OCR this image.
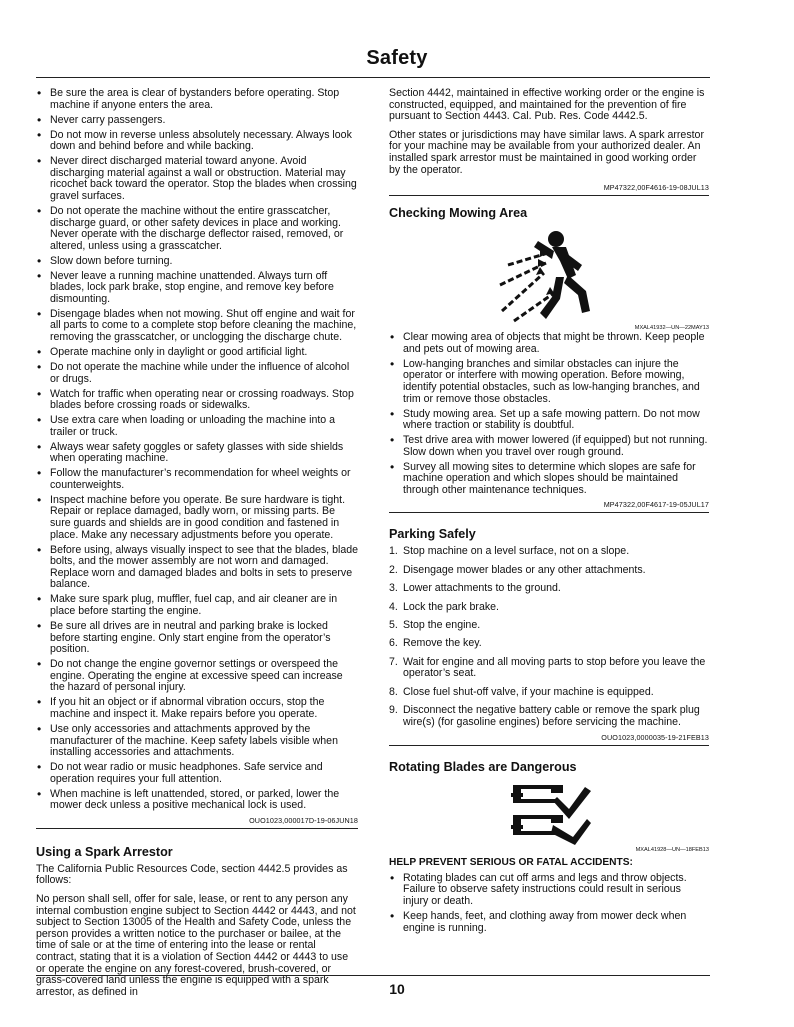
Safety
• Be sure the area is clear of bystanders before operating. Stop machine if anyone enters the area.
• Never carry passengers.
• Do not mow in reverse unless absolutely necessary. Always look down and behind before and while backing.
• Never direct discharged material toward anyone. Avoid discharging material against a wall or obstruction. Material may ricochet back toward the operator. Stop the blades when crossing gravel surfaces.
• Do not operate the machine without the entire grasscatcher, discharge guard, or other safety devices in place and working. Never operate with the discharge deflector raised, removed, or altered, unless using a grasscatcher.
• Slow down before turning.
• Never leave a running machine unattended. Always turn off blades, lock park brake, stop engine, and remove key before dismounting.
• Disengage blades when not mowing. Shut off engine and wait for all parts to come to a complete stop before cleaning the machine, removing the grasscatcher, or unclogging the discharge chute.
• Operate machine only in daylight or good artificial light.
• Do not operate the machine while under the influence of alcohol or drugs.
• Watch for traffic when operating near or crossing roadways. Stop blades before crossing roads or sidewalks.
• Use extra care when loading or unloading the machine into a trailer or truck.
• Always wear safety goggles or safety glasses with side shields when operating machine.
• Follow the manufacturer’s recommendation for wheel weights or counterweights.
• Inspect machine before you operate. Be sure hardware is tight. Repair or replace damaged, badly worn, or missing parts. Be sure guards and shields are in good condition and fastened in place. Make any necessary adjustments before you operate.
• Before using, always visually inspect to see that the blades, blade bolts, and the mower assembly are not worn and damaged. Replace worn and damaged blades and bolts in sets to preserve balance.
• Make sure spark plug, muffler, fuel cap, and air cleaner are in place before starting the engine.
• Be sure all drives are in neutral and parking brake is locked before starting engine. Only start engine from the operator’s position.
• Do not change the engine governor settings or overspeed the engine. Operating the engine at excessive speed can increase the hazard of personal injury.
• If you hit an object or if abnormal vibration occurs, stop the machine and inspect it. Make repairs before you operate.
• Use only accessories and attachments approved by the manufacturer of the machine. Keep safety labels visible when installing accessories and attachments.
• Do not wear radio or music headphones. Safe service and operation requires your full attention.
• When machine is left unattended, stored, or parked, lower the mower deck unless a positive mechanical lock is used.
OUO1023,000017D-19-06JUN18
Using a Spark Arrestor

The California Public Resources Code, section 4442.5 provides as follows:

No person shall sell, offer for sale, lease, or rent to any person any internal combustion engine subject to Section 4442 or 4443, and not subject to Section 13005 of the Health and Safety Code, unless the person provides a written notice to the purchaser or bailee, at the time of sale or at the time of entering into the lease or rental contract, stating that it is a violation of Section 4442 or 4443 to use or operate the engine on any forest-covered, brush-covered, or grass-covered land unless the engine is equipped with a spark arrestor, as defined in

Section 4442, maintained in effective working order or the engine is constructed, equipped, and maintained for the prevention of fire pursuant to Section 4443. Cal. Pub. Res. Code 4442.5.

Other states or jurisdictions may have similar laws. A spark arrestor for your machine may be available from your authorized dealer. An installed spark arrestor must be maintained in good working order by the operator.

MP47322,00F4616-19-08JUL13
Checking Mowing Area
MXAL41932—UN—22MAY13
• Clear mowing area of objects that might be thrown. Keep people and pets out of mowing area.
• Low-hanging branches and similar obstacles can injure the operator or interfere with mowing operation. Before mowing, identify potential obstacles, such as low-hanging branches, and trim or remove those obstacles.
• Study mowing area. Set up a safe mowing pattern. Do not mow where traction or stability is doubtful.
• Test drive area with mower lowered (if equipped) but not running. Slow down when you travel over rough ground.
• Survey all mowing sites to determine which slopes are safe for machine operation and which slopes should be maintained through other maintenance techniques.
MP47322,00F4617-19-05JUL17
Parking Safely
1. Stop machine on a level surface, not on a slope.
2. Disengage mower blades or any other attachments.
3. Lower attachments to the ground.
4. Lock the park brake.
5. Stop the engine.
6. Remove the key.
7. Wait for engine and all moving parts to stop before you leave the operator’s seat.
8. Close fuel shut-off valve, if your machine is equipped.
9. Disconnect the negative battery cable or remove the spark plug wire(s) (for gasoline engines) before servicing the machine.
OUO1023,0000035-19-21FEB13
Rotating Blades are Dangerous
MXAL41928—UN—18FEB13
HELP PREVENT SERIOUS OR FATAL ACCIDENTS:
• Rotating blades can cut off arms and legs and throw objects. Failure to observe safety instructions could result in serious injury or death.
• Keep hands, feet, and clothing away from mower deck when engine is running.
10
